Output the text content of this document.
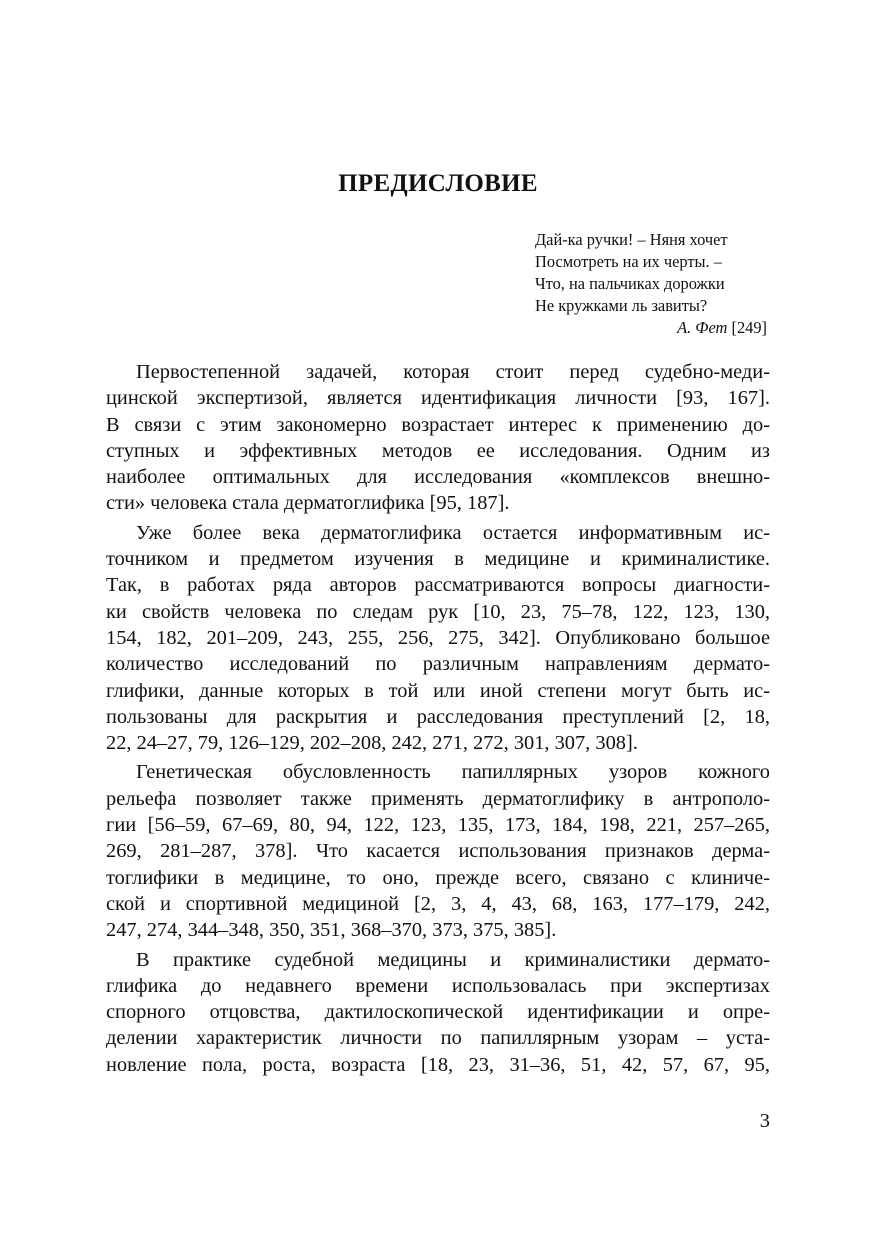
ПРЕДИСЛОВИЕ
Дай-ка ручки! – Няня хочет
Посмотреть на их черты. –
Что, на пальчиках дорожки
Не кружками ль завиты?
А. Фет [249]

Первостепенной задачей, которая стоит перед судебно-меди-
цинской экспертизой, является идентификация личности [93, 167].
В связи с этим закономерно возрастает интерес к применению до-
ступных и эффективных методов ее исследования. Одним из
наиболее оптимальных для исследования «комплексов внешно-
сти» человека стала дерматоглифика [95, 187].

Уже более века дерматоглифика остается информативным ис-
точником и предметом изучения в медицине и криминалистике.
Так, в работах ряда авторов рассматриваются вопросы диагности-
ки свойств человека по следам рук [10, 23, 75–78, 122, 123, 130,
154, 182, 201–209, 243, 255, 256, 275, 342]. Опубликовано большое
количество исследований по различным направлениям дермато-
глифики, данные которых в той или иной степени могут быть ис-
пользованы для раскрытия и расследования преступлений [2, 18,
22, 24–27, 79, 126–129, 202–208, 242, 271, 272, 301, 307, 308].

Генетическая обусловленность папиллярных узоров кожного
рельефа позволяет также применять дерматоглифику в антрополо-
гии [56–59, 67–69, 80, 94, 122, 123, 135, 173, 184, 198, 221, 257–265,
269, 281–287, 378]. Что касается использования признаков дерма-
тоглифики в медицине, то оно, прежде всего, связано с клиниче-
ской и спортивной медициной [2, 3, 4, 43, 68, 163, 177–179, 242,
247, 274, 344–348, 350, 351, 368–370, 373, 375, 385].

В практике судебной медицины и криминалистики дермато-
глифика до недавнего времени использовалась при экспертизах
спорного отцовства, дактилоскопической идентификации и опре-
делении характеристик личности по папиллярным узорам – уста-
новление пола, роста, возраста [18, 23, 31–36, 51, 42, 57, 67, 95,

3
